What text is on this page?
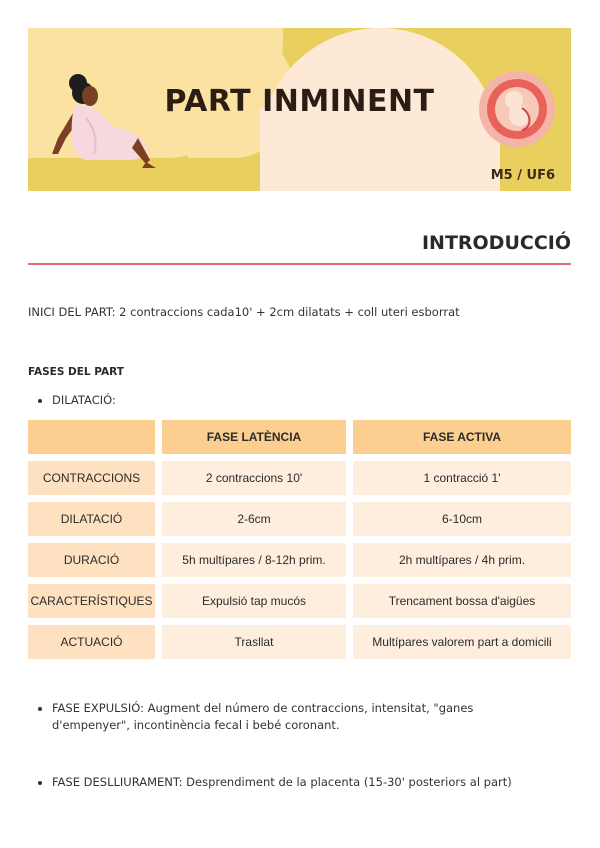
PART INMINENT
M5 / UF6
INTRODUCCIÓ
INICI DEL PART: 2 contraccions cada10' + 2cm dilatats + coll uteri esborrat
FASES DEL PART
DILATACIÓ:
	FASE LATÈNCIA	FASE ACTIVA
CONTRACCIONS	2 contraccions 10'	1 contracció 1'
DILATACIÓ	2-6cm	6-10cm
DURACIÓ	5h multípares / 8-12h prim.	2h multípares / 4h prim.
CARACTERÍSTIQUES	Expulsió tap mucós	Trencament bossa d'aigües
ACTUACIÓ	Trasllat	Multípares valorem part a domicili
FASE EXPULSIÓ: Augment del número de contraccions, intensitat, "ganes d'empenyer", incontinència fecal i bebé coronant.
FASE DESLLIURAMENT: Desprendiment de la placenta (15-30' posteriors al part)
